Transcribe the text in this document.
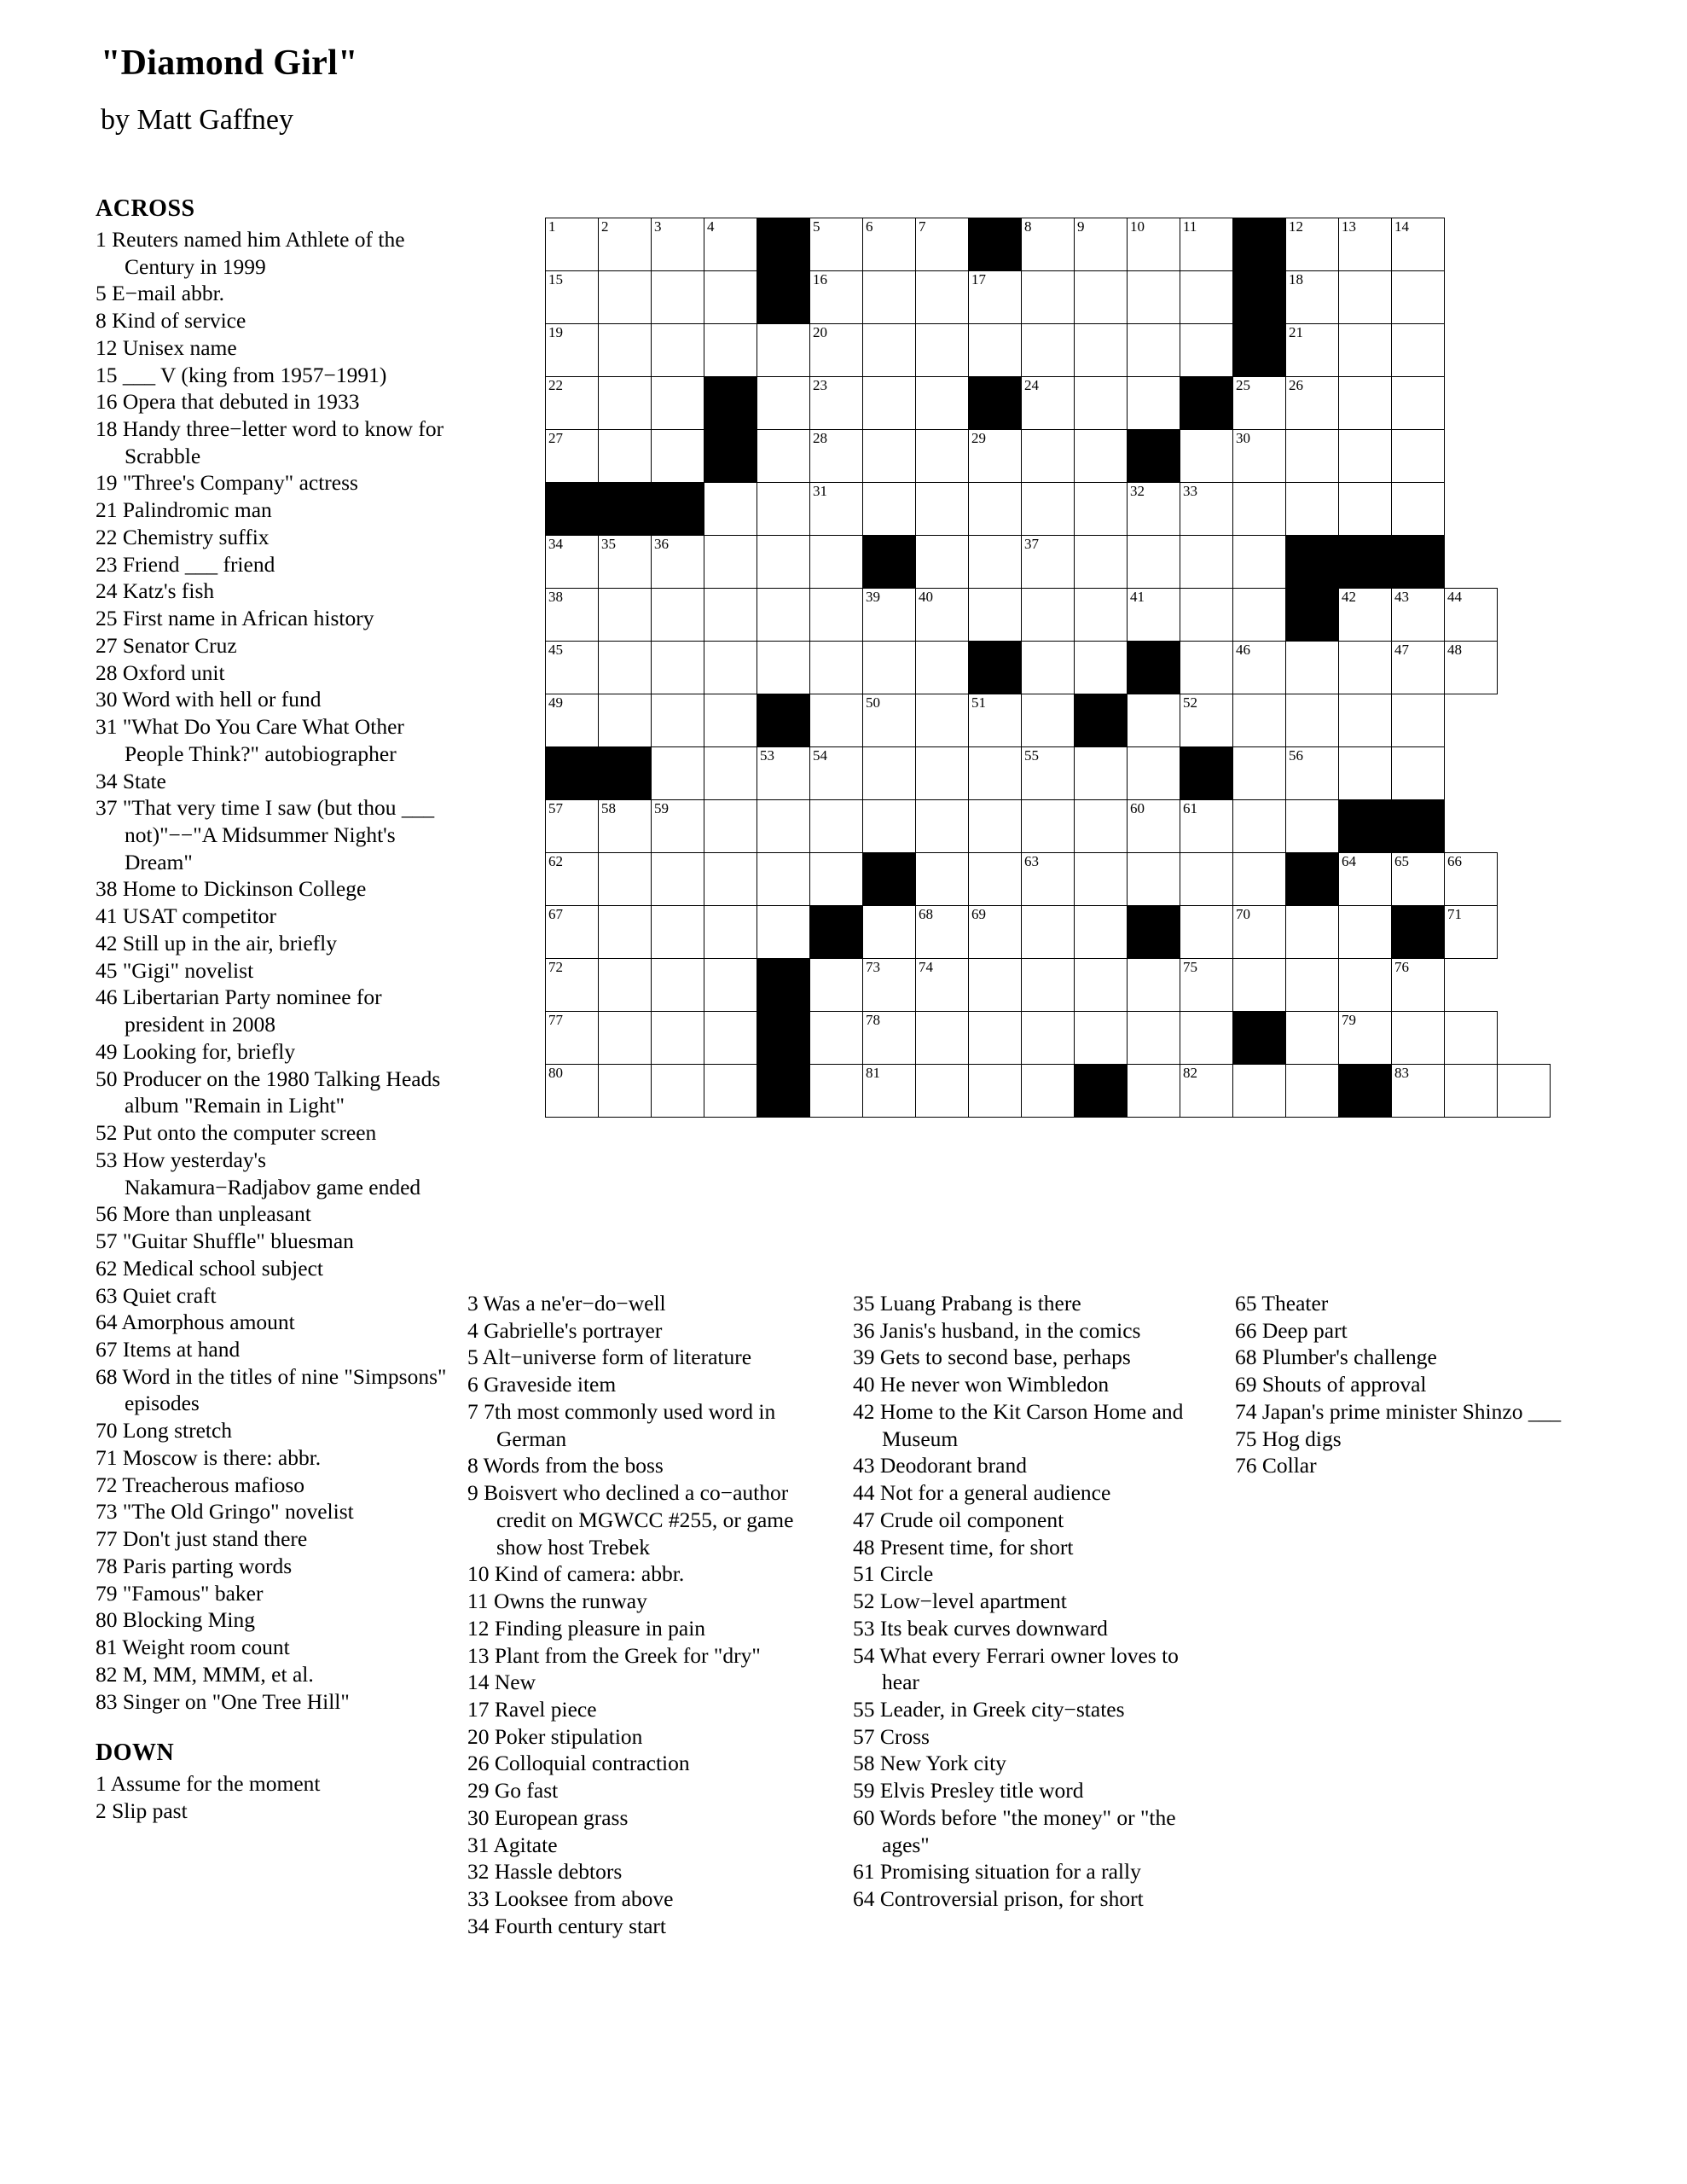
"Diamond Girl"
by Matt Gaffney
ACROSS
1 Reuters named him Athlete of the Century in 1999
5 E−mail abbr.
8 Kind of service
12 Unisex name
15 ___ V (king from 1957−1991)
16 Opera that debuted in 1933
18 Handy three−letter word to know for Scrabble
19 "Three's Company" actress
21 Palindromic man
22 Chemistry suffix
23 Friend ___ friend
24 Katz's fish
25 First name in African history
27 Senator Cruz
28 Oxford unit
30 Word with hell or fund
31 "What Do You Care What Other People Think?" autobiographer
34 State
37 "That very time I saw (but thou ___ not)"−−"A Midsummer Night's Dream"
38 Home to Dickinson College
41 USAT competitor
42 Still up in the air, briefly
45 "Gigi" novelist
46 Libertarian Party nominee for president in 2008
49 Looking for, briefly
50 Producer on the 1980 Talking Heads album "Remain in Light"
52 Put onto the computer screen
53 How yesterday's Nakamura−Radjabov game ended
56 More than unpleasant
57 "Guitar Shuffle" bluesman
62 Medical school subject
63 Quiet craft
64 Amorphous amount
67 Items at hand
68 Word in the titles of nine "Simpsons" episodes
70 Long stretch
71 Moscow is there: abbr.
72 Treacherous mafioso
73 "The Old Gringo" novelist
77 Don't just stand there
78 Paris parting words
79 "Famous" baker
80 Blocking Ming
81 Weight room count
82 M, MM, MMM, et al.
83 Singer on "One Tree Hill"
DOWN
1 Assume for the moment
2 Slip past
3 Was a ne'er−do−well
4 Gabrielle's portrayer
5 Alt−universe form of literature
6 Graveside item
7 7th most commonly used word in German
8 Words from the boss
9 Boisvert who declined a co−author credit on MGWCC #255, or game show host Trebek
10 Kind of camera: abbr.
11 Owns the runway
12 Finding pleasure in pain
13 Plant from the Greek for "dry"
14 New
17 Ravel piece
20 Poker stipulation
26 Colloquial contraction
29 Go fast
30 European grass
31 Agitate
32 Hassle debtors
33 Looksee from above
34 Fourth century start
35 Luang Prabang is there
36 Janis's husband, in the comics
39 Gets to second base, perhaps
40 He never won Wimbledon
42 Home to the Kit Carson Home and Museum
43 Deodorant brand
44 Not for a general audience
47 Crude oil component
48 Present time, for short
51 Circle
52 Low−level apartment
53 Its beak curves downward
54 What every Ferrari owner loves to hear
55 Leader, in Greek city−states
57 Cross
58 New York city
59 Elvis Presley title word
60 Words before "the money" or "the ages"
61 Promising situation for a rally
64 Controversial prison, for short
65 Theater
66 Deep part
68 Plumber's challenge
69 Shouts of approval
74 Japan's prime minister Shinzo ___
75 Hog digs
76 Collar
1	2	3	4		5	6	7		8	9	10	11		12	13	14		

15					16			17						18				

19					20									21				

22					23				24				25	26				

27					28			29					30					

					31						32	33						

34	35	36							37									

38						39	40				41				42	43	44	

45													46			47	48	

49						50		51				52						

				53	54				55					56				

57	58	59									60	61						

62									63						64	65	66	

67							68	69					70				71	

72						73	74					75				76		

77						78									79			

80						81						82				83		
